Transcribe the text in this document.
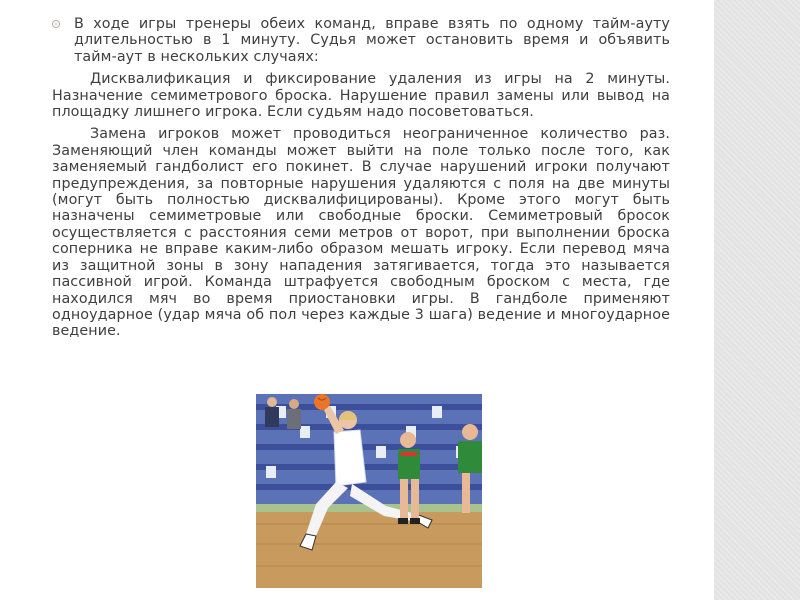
В ходе игры тренеры обеих команд, вправе взять по одному тайм-ауту длительностью в 1 минуту. Судья может остановить время и объявить тайм-аут в нескольких случаях:

Дисквалификация и фиксирование удаления из игры на 2 минуты. Назначение семиметрового броска. Нарушение правил замены или вывод на площадку лишнего игрока. Если судьям надо посоветоваться.

Замена игроков может проводиться неограниченное количество раз. Заменяющий член команды может выйти на поле только после того, как заменяемый гандболист его покинет. В случае нарушений игроки получают предупреждения, за повторные нарушения удаляются с поля на две минуты (могут быть полностью дисквалифицированы). Кроме этого могут быть назначены семиметровые или свободные броски. Семиметровый бросок осуществляется с расстояния семи метров от ворот, при выполнении броска соперника не вправе каким-либо образом мешать игроку. Если перевод мяча из защитной зоны в зону нападения затягивается, тогда это называется пассивной игрой. Команда штрафуется свободным броском с места, где находился мяч во время приостановки игры. В гандболе применяют одноударное (удар мяча об пол через каждые 3 шага) ведение и многоударное ведение.
